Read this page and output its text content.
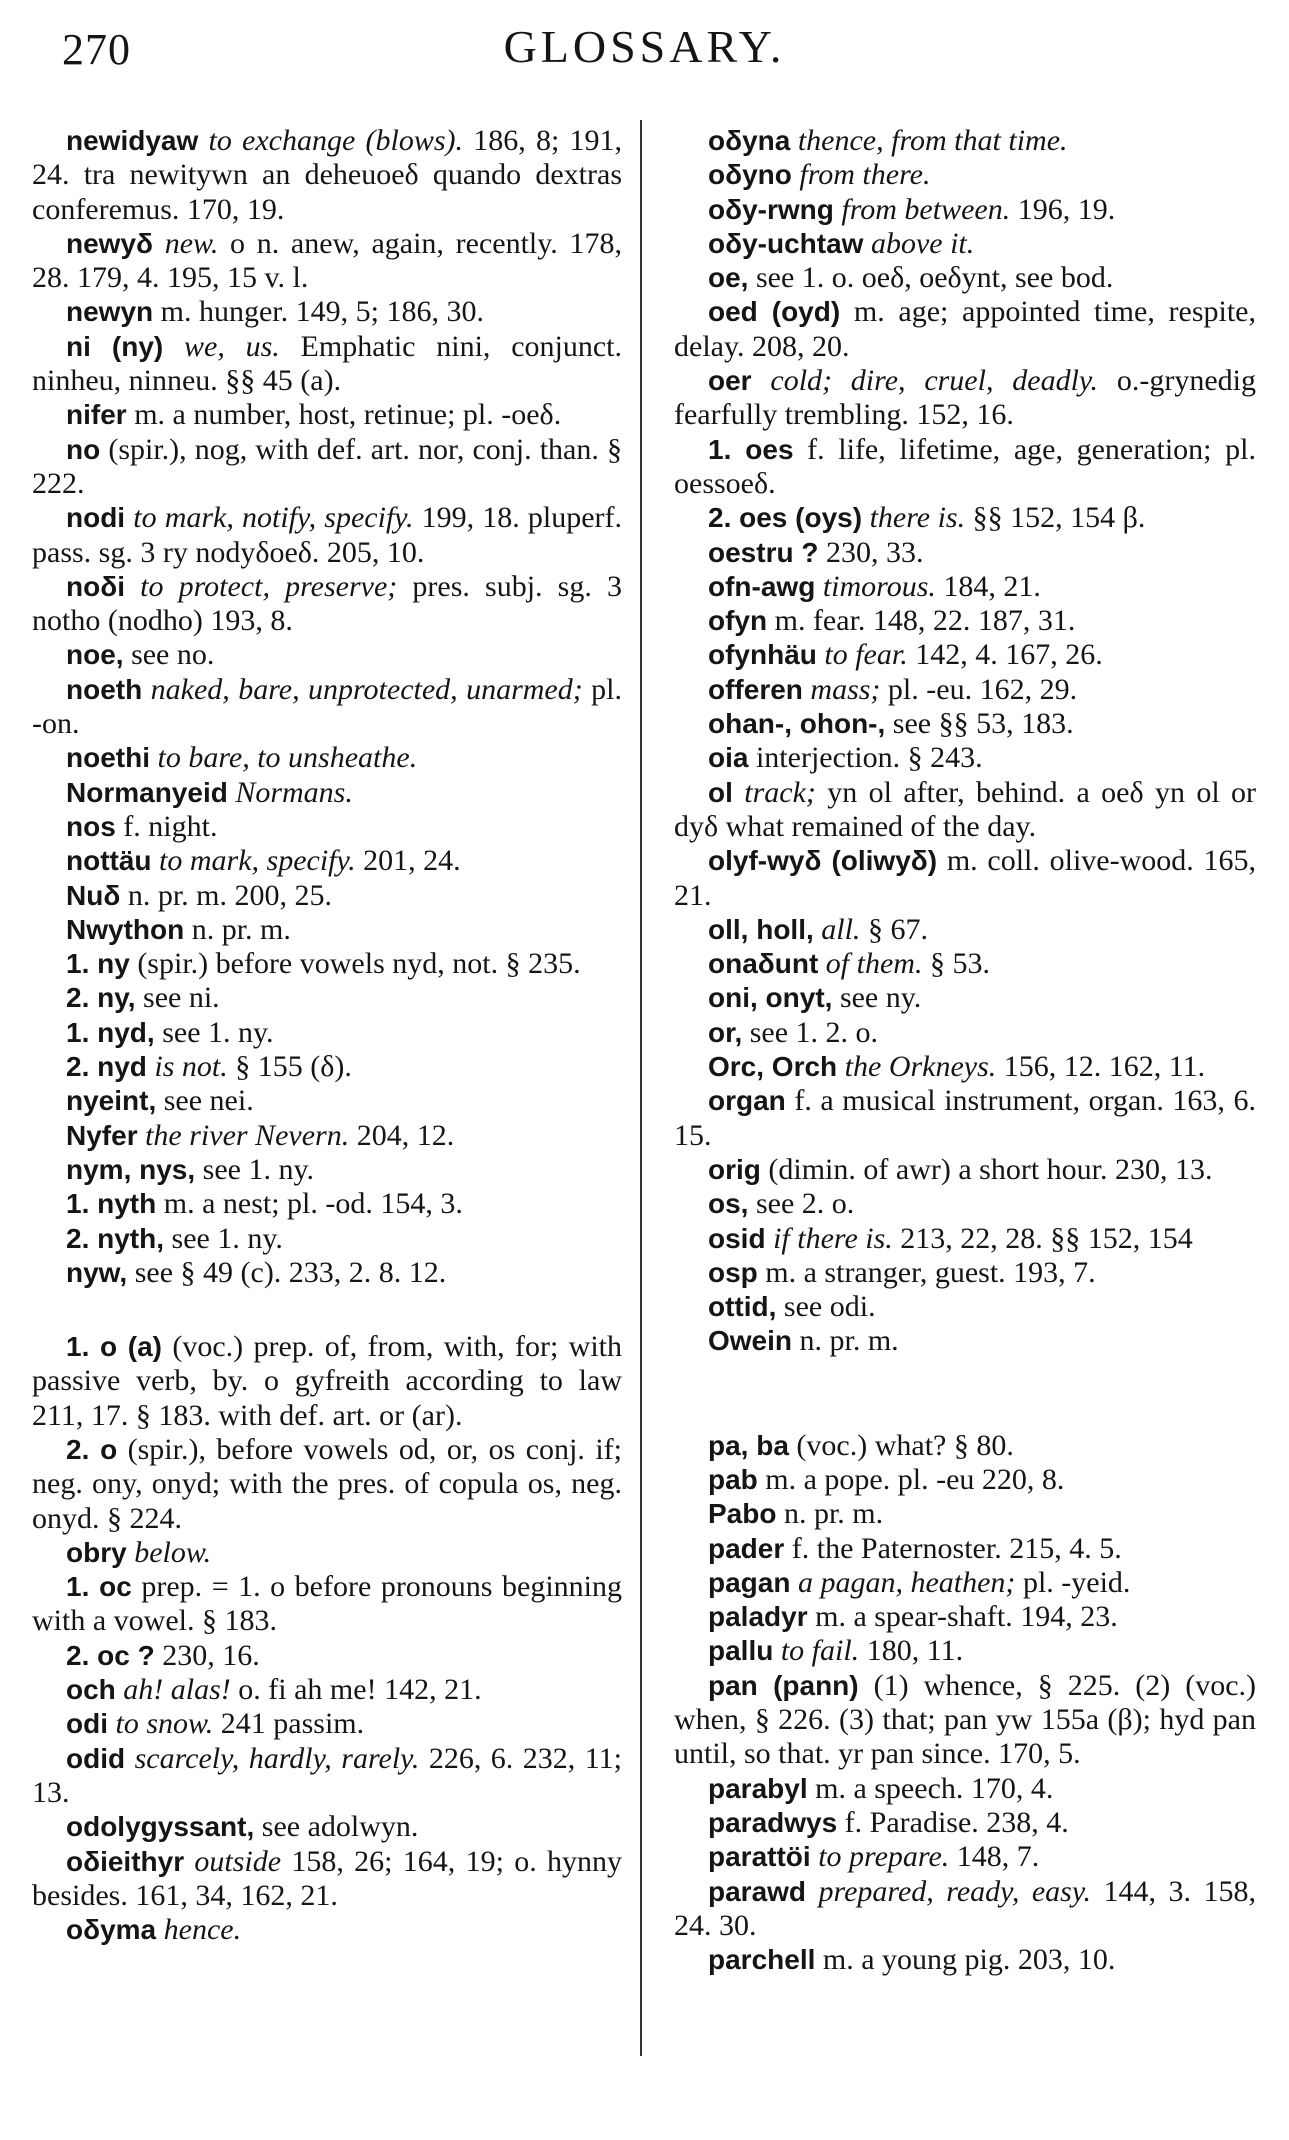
270	GLOSSARY.

newidyaw to exchange (blows). 186, 8; 191, 24. tra newitywn an deheuoeδ quando dextras conferemus. 170, 19.

newyδ new. o n. anew, again, recently. 178, 28. 179, 4. 195, 15 v. l.

newyn m. hunger. 149, 5; 186, 30.

ni (ny) we, us. Emphatic nini, conjunct. ninheu, ninneu. §§ 45 (a).

nifer m. a number, host, retinue; pl. -oeδ.

no (spir.), nog, with def. art. nor, conj. than. § 222.

nodi to mark, notify, specify. 199, 18. pluperf. pass. sg. 3 ry nodyδoeδ. 205, 10.

noδi to protect, preserve; pres. subj. sg. 3 notho (nodho) 193, 8.

noe, see no.

noeth naked, bare, unprotected, unarmed; pl. -on.

noethi to bare, to unsheathe.

Normanyeid Normans.

nos f. night.

nottäu to mark, specify. 201, 24.

Nuδ n. pr. m. 200, 25.

Nwython n. pr. m.

1. ny (spir.) before vowels nyd, not. § 235.

2. ny, see ni.

1. nyd, see 1. ny.

2. nyd is not. § 155 (δ).

nyeint, see nei.

Nyfer the river Nevern. 204, 12.

nym, nys, see 1. ny.

1. nyth m. a nest; pl. -od. 154, 3.

2. nyth, see 1. ny.

nyw, see § 49 (c). 233, 2. 8. 12.

1. o (a) (voc.) prep. of, from, with, for; with passive verb, by. o gyfreith according to law 211, 17. § 183. with def. art. or (ar).

2. o (spir.), before vowels od, or, os conj. if; neg. ony, onyd; with the pres. of copula os, neg. onyd. § 224.

obry below.

1. oc prep. = 1. o before pronouns beginning with a vowel. § 183.

2. oc ? 230, 16.

och ah! alas! o. fi ah me! 142, 21.

odi to snow. 241 passim.

odid scarcely, hardly, rarely. 226, 6. 232, 11; 13.

odolygyssant, see adolwyn.

oδieithyr outside 158, 26; 164, 19; o. hynny besides. 161, 34, 162, 21.

oδyma hence.

oδyna thence, from that time.

oδyno from there.

oδy-rwng from between. 196, 19.

oδy-uchtaw above it.

oe, see 1. o. oeδ, oeδynt, see bod.

oed (oyd) m. age; appointed time, respite, delay. 208, 20.

oer cold; dire, cruel, deadly. o.-grynedig fearfully trembling. 152, 16.

1. oes f. life, lifetime, age, generation; pl. oessoeδ.

2. oes (oys) there is. §§ 152, 154 β.

oestru ? 230, 33.

ofn-awg timorous. 184, 21.

ofyn m. fear. 148, 22. 187, 31.

ofynhäu to fear. 142, 4. 167, 26.

offeren mass; pl. -eu. 162, 29.

ohan-, ohon-, see §§ 53, 183.

oia interjection. § 243.

ol track; yn ol after, behind. a oeδ yn ol or dyδ what remained of the day.

olyf-wyδ (oliwyδ) m. coll. olive-wood. 165, 21.

oll, holl, all. § 67.

onaδunt of them. § 53.

oni, onyt, see ny.

or, see 1. 2. o.

Orc, Orch the Orkneys. 156, 12. 162, 11.

organ f. a musical instrument, organ. 163, 6. 15.

orig (dimin. of awr) a short hour. 230, 13.

os, see 2. o.

osid if there is. 213, 22, 28. §§ 152, 154

osp m. a stranger, guest. 193, 7.

ottid, see odi.

Owein n. pr. m.

pa, ba (voc.) what? § 80.

pab m. a pope. pl. -eu 220, 8.

Pabo n. pr. m.

pader f. the Paternoster. 215, 4. 5.

pagan a pagan, heathen; pl. -yeid.

paladyr m. a spear-shaft. 194, 23.

pallu to fail. 180, 11.

pan (pann) (1) whence, § 225. (2) (voc.) when, § 226. (3) that; pan yw 155a (β); hyd pan until, so that. yr pan since. 170, 5.

parabyl m. a speech. 170, 4.

paradwys f. Paradise. 238, 4.

parattöi to prepare. 148, 7.

parawd prepared, ready, easy. 144, 3. 158, 24. 30.

parchell m. a young pig. 203, 10.
